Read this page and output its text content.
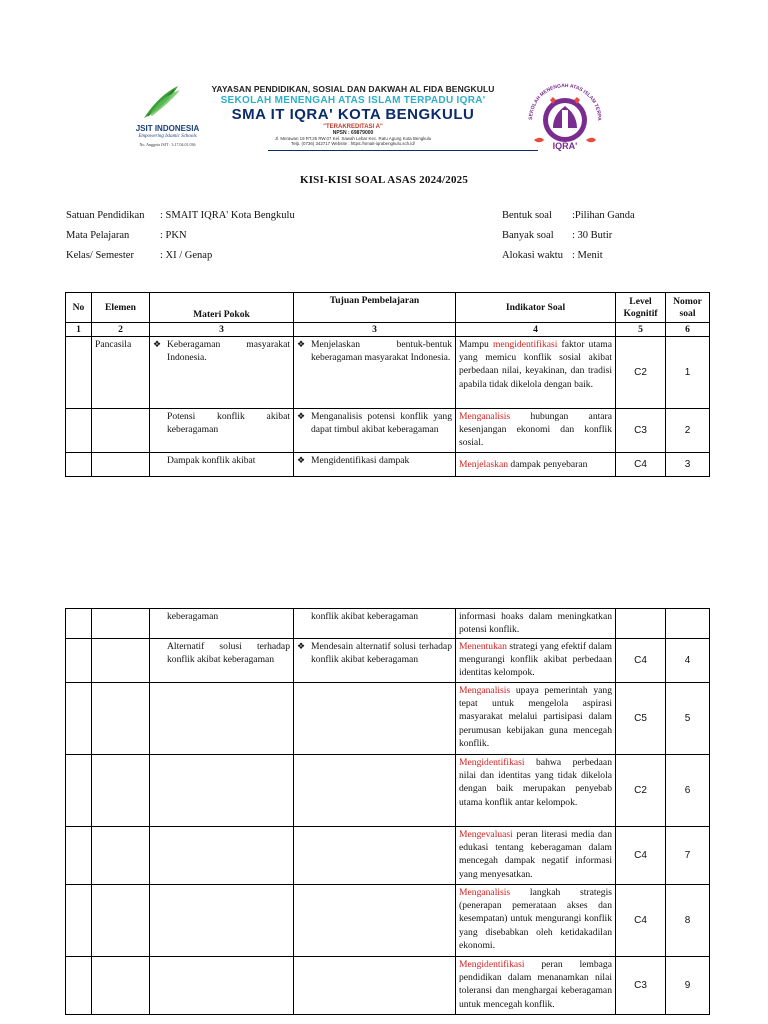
JSIT INDONESIA
Empowering Islamic Schools
No. Anggota JSIT : 3.17.04.01.036
YAYASAN PENDIDIKAN, SOSIAL DAN DAKWAH AL FIDA BENGKULU
SEKOLAH MENENGAH ATAS ISLAM TERPADU IQRA'
SMA IT IQRA' KOTA BENGKULU
"TERAKREDITASI A"
NPSN : 69879000
Jl. Merawan 19 RT.25 RW.07 Kel. Sawah Lebar Kec. Ratu Agung Kota Bengkulu
Telp. (0736) 342717 Website : https://smait-iqrabengkulu.sch.id/
SEKOLAH MENENGAH ATAS ISLAM TERPA
IQRA'
KISI-KISI SOAL ASAS 2024/2025
Satuan Pendidikan : SMAIT IQRA' Kota Bengkulu
Mata Pelajaran	: PKN
Kelas/ Semester : XI / Genap
Bentuk soal :Pilihan Ganda
Banyak soal : 30 Butir
Alokasi waktu : Menit
No	Elemen	Materi Pokok	Tujuan Pembelajaran	Indikator Soal	Level Kognitif	Nomor soal
1	2	3	3	4	5	6
	Pancasila	❖ Keberagaman masyarakat Indonesia.	❖ Menjelaskan bentuk-bentuk keberagaman masyarakat Indonesia.	Mampu mengidentifikasi faktor utama yang memicu konflik sosial akibat perbedaan nilai, keyakinan, dan tradisi apabila tidak dikelola dengan baik.	C2	1

		Potensi konflik akibat keberagaman	❖ Menganalisis potensi konflik yang dapat timbul akibat keberagaman	Menganalisis hubungan antara kesenjangan ekonomi dan konflik sosial.	C3	2

		Dampak konflik akibat	❖ Mengidentifikasi dampak	Menjelaskan dampak penyebaran	C4	3

		keberagaman	konflik akibat keberagaman	informasi hoaks dalam meningkatkan potensi konflik.		

		Alternatif solusi terhadap konflik akibat keberagaman	❖ Mendesain alternatif solusi terhadap konflik akibat keberagaman	Menentukan strategi yang efektif dalam mengurangi konflik akibat perbedaan identitas kelompok.	C4	4
				Menganalisis upaya pemerintah yang tepat untuk mengelola aspirasi masyarakat melalui partisipasi dalam perumusan kebijakan guna mencegah konflik.	C5	5
				Mengidentifikasi bahwa perbedaan nilai dan identitas yang tidak dikelola dengan baik merupakan penyebab utama konflik antar kelompok.	C2	6
				Mengevaluasi peran literasi media dan edukasi tentang keberagaman dalam mencegah dampak negatif informasi yang menyesatkan.	C4	7
				Menganalisis langkah strategis (penerapan pemerataan akses dan kesempatan) untuk mengurangi konflik yang disebabkan oleh ketidakadilan ekonomi.	C4	8
				Mengidentifikasi peran lembaga pendidikan dalam menanamkan nilai toleransi dan menghargai keberagaman untuk mencegah konflik.	C3	9
